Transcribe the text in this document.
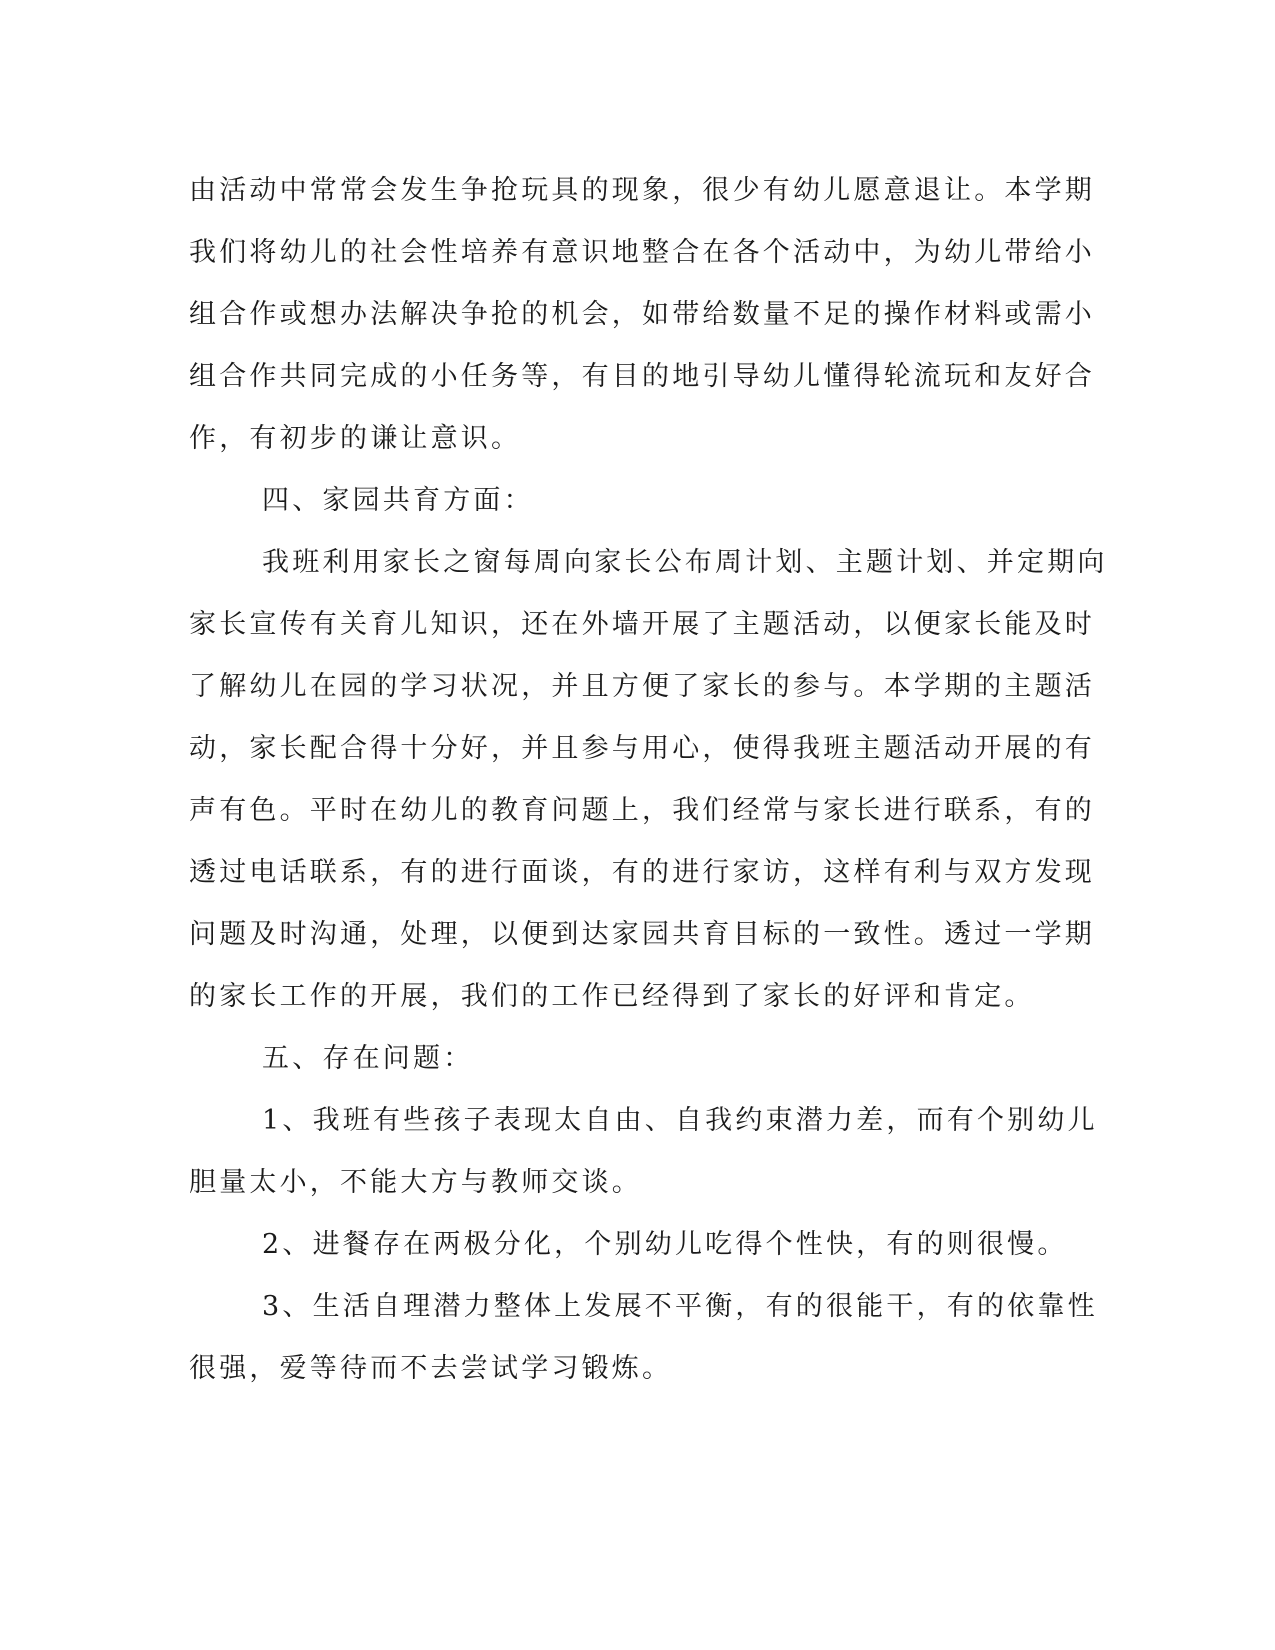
由活动中常常会发生争抢玩具的现象，很少有幼儿愿意退让。本学期
我们将幼儿的社会性培养有意识地整合在各个活动中，为幼儿带给小
组合作或想办法解决争抢的机会，如带给数量不足的操作材料或需小
组合作共同完成的小任务等，有目的地引导幼儿懂得轮流玩和友好合
作，有初步的谦让意识。
四、家园共育方面：
我班利用家长之窗每周向家长公布周计划、主题计划、并定期向
家长宣传有关育儿知识，还在外墙开展了主题活动，以便家长能及时
了解幼儿在园的学习状况，并且方便了家长的参与。本学期的主题活
动，家长配合得十分好，并且参与用心，使得我班主题活动开展的有
声有色。平时在幼儿的教育问题上，我们经常与家长进行联系，有的
透过电话联系，有的进行面谈，有的进行家访，这样有利与双方发现
问题及时沟通，处理，以便到达家园共育目标的一致性。透过一学期
的家长工作的开展，我们的工作已经得到了家长的好评和肯定。
五、存在问题：
1、我班有些孩子表现太自由、自我约束潜力差，而有个别幼儿
胆量太小，不能大方与教师交谈。
2、进餐存在两极分化，个别幼儿吃得个性快，有的则很慢。
3、生活自理潜力整体上发展不平衡，有的很能干，有的依靠性
很强，爱等待而不去尝试学习锻炼。
